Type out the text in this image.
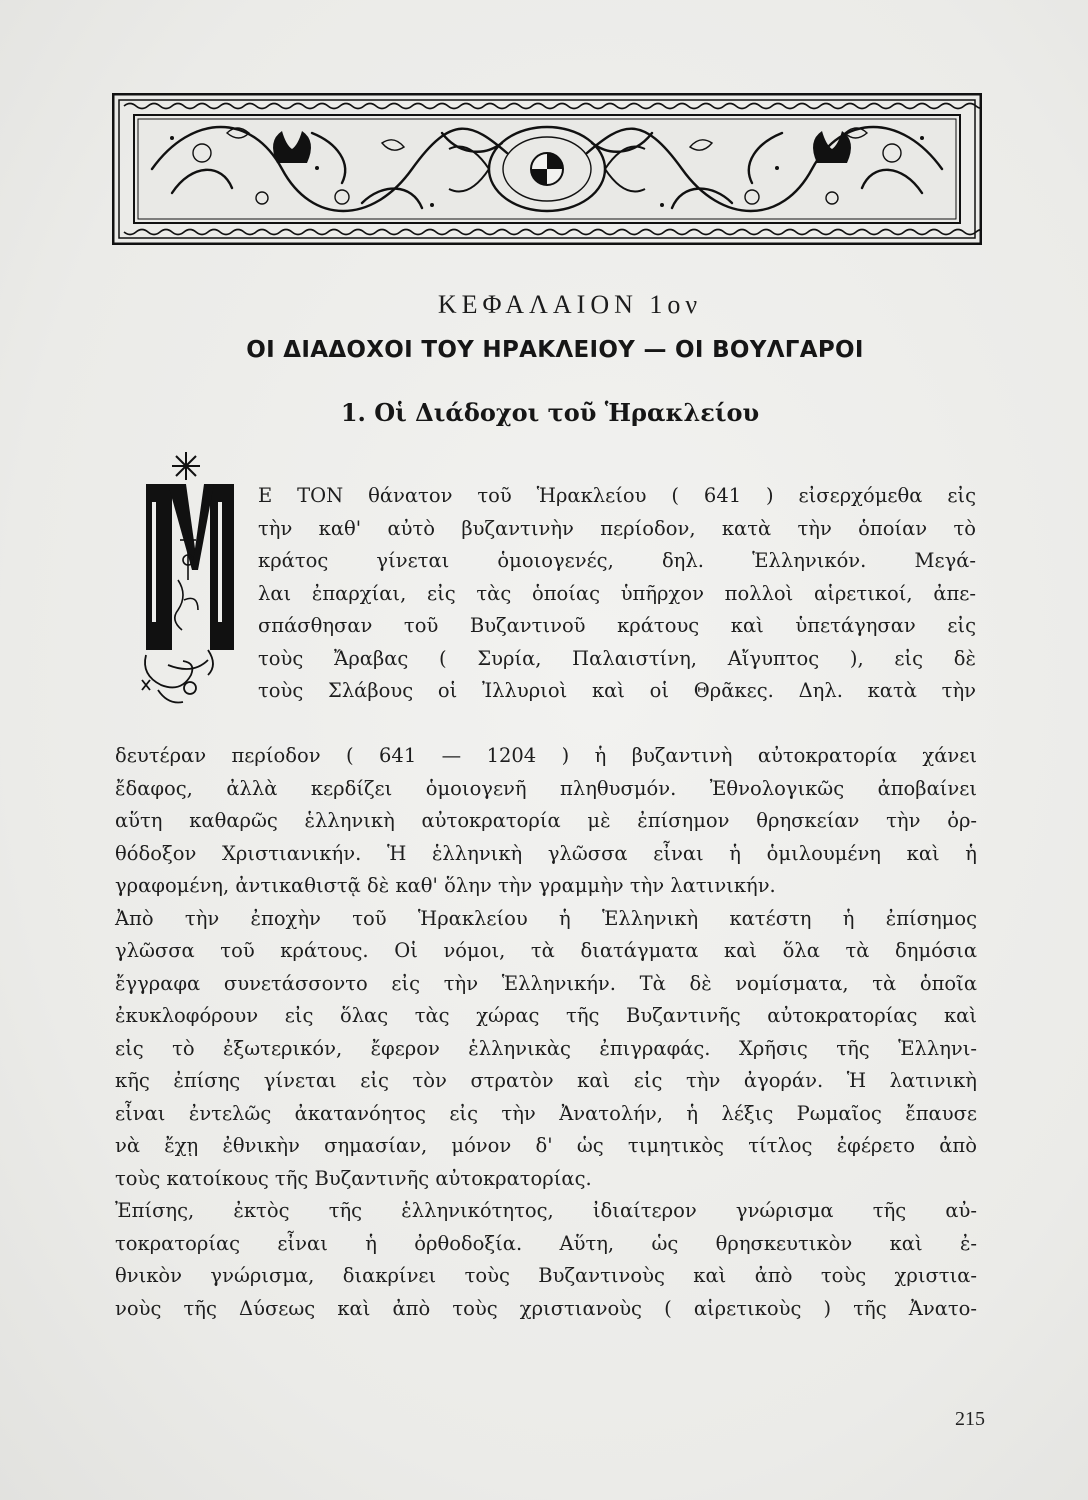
ΚΕΦΑΛΑΙΟΝ 1ον
ΟΙ ΔΙΑΔΟΧΟΙ ΤΟΥ ΗΡΑΚΛΕΙΟΥ — ΟΙ ΒΟΥΛΓΑΡΟΙ
1. Οἱ Διάδοχοι τοῦ Ἡρακλείου
Ε ΤΟΝ θάνατον τοῦ Ἡρακλείου ( 641 ) εἰσερχόμεθα εἰς
τὴν καθ' αὐτὸ βυζαντινὴν περίοδον, κατὰ τὴν ὁποίαν τὸ
κράτος γίνεται ὁμοιογενές, δηλ. Ἑλληνικόν. Μεγά-
λαι ἐπαρχίαι, εἰς τὰς ὁποίας ὑπῆρχον πολλοὶ αἱρετικοί, ἀπε-
σπάσθησαν τοῦ Βυζαντινοῦ κράτους καὶ ὑπετάγησαν εἰς
τοὺς Ἄραβας ( Συρία, Παλαιστίνη, Αἴγυπτος ), εἰς δὲ
τοὺς Σλάβους οἱ Ἰλλυριοὶ καὶ οἱ Θρᾶκες. Δηλ. κατὰ τὴν
δευτέραν περίοδον ( 641 — 1204 ) ἡ βυζαντινὴ αὐτοκρατορία χάνει
ἔδαφος, ἀλλὰ κερδίζει ὁμοιογενῆ πληθυσμόν. Ἐθνολογικῶς ἀποβαίνει
αὕτη καθαρῶς ἑλληνικὴ αὐτοκρατορία μὲ ἐπίσημον θρησκείαν τὴν ὀρ-
θόδοξον Χριστιανικήν. Ἡ ἑλληνικὴ γλῶσσα εἶναι ἡ ὁμιλουμένη καὶ ἡ
γραφομένη, ἀντικαθιστᾷ δὲ καθ' ὅλην τὴν γραμμὴν τὴν λατινικήν.
Ἀπὸ τὴν ἐποχὴν τοῦ Ἡρακλείου ἡ Ἑλληνικὴ κατέστη ἡ ἐπίσημος
γλῶσσα τοῦ κράτους. Οἱ νόμοι, τὰ διατάγματα καὶ ὅλα τὰ δημόσια
ἔγγραφα συνετάσσοντο εἰς τὴν Ἑλληνικήν. Τὰ δὲ νομίσματα, τὰ ὁποῖα
ἐκυκλοφόρουν εἰς ὅλας τὰς χώρας τῆς Βυζαντινῆς αὐτοκρατορίας καὶ
εἰς τὸ ἐξωτερικόν, ἔφερον ἑλληνικὰς ἐπιγραφάς. Χρῆσις τῆς Ἑλληνι-
κῆς ἐπίσης γίνεται εἰς τὸν στρατὸν καὶ εἰς τὴν ἀγοράν. Ἡ λατινικὴ
εἶναι ἐντελῶς ἀκατανόητος εἰς τὴν Ἀνατολήν, ἡ λέξις Ρωμαῖος ἔπαυσε
νὰ ἔχῃ ἐθνικὴν σημασίαν, μόνον δ' ὡς τιμητικὸς τίτλος ἐφέρετο ἀπὸ
τοὺς κατοίκους τῆς Βυζαντινῆς αὐτοκρατορίας.
Ἐπίσης, ἐκτὸς τῆς ἑλληνικότητος, ἰδιαίτερον γνώρισμα τῆς αὐ-
τοκρατορίας εἶναι ἡ ὀρθοδοξία. Αὕτη, ὡς θρησκευτικὸν καὶ ἐ-
θνικὸν γνώρισμα, διακρίνει τοὺς Βυζαντινοὺς καὶ ἀπὸ τοὺς χριστια-
νοὺς τῆς Δύσεως καὶ ἀπὸ τοὺς χριστιανοὺς ( αἱρετικοὺς ) τῆς Ἀνατο-
215
